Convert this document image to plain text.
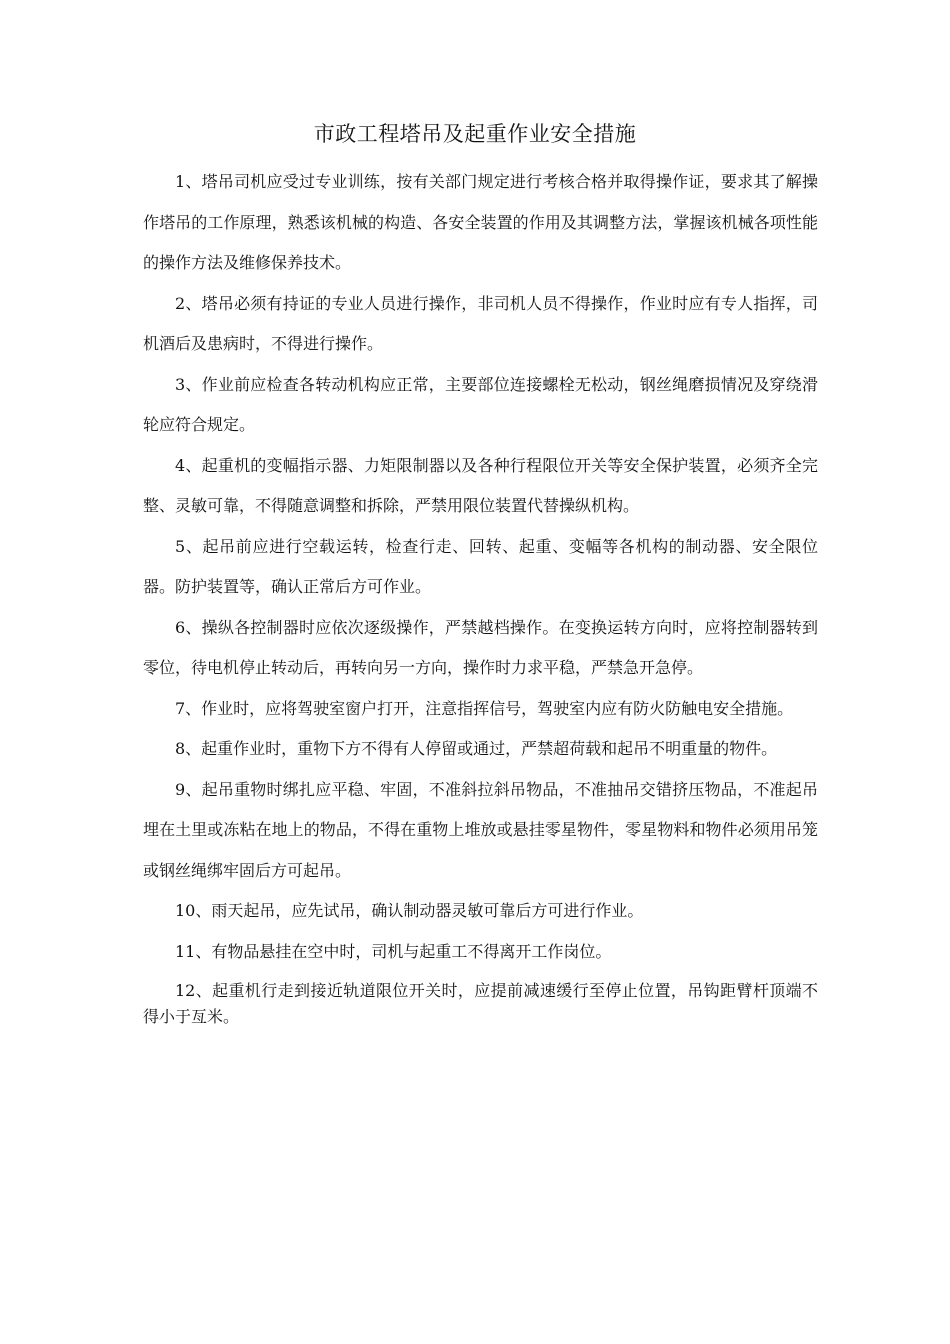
市政工程塔吊及起重作业安全措施

1、塔吊司机应受过专业训练，按有关部门规定进行考核合格并取得操作证，要求其了解操作塔吊的工作原理，熟悉该机械的构造、各安全装置的作用及其调整方法，掌握该机械各项性能的操作方法及维修保养技术。

2、塔吊必须有持证的专业人员进行操作，非司机人员不得操作，作业时应有专人指挥，司机酒后及患病时，不得进行操作。

3、作业前应检查各转动机构应正常，主要部位连接螺栓无松动，钢丝绳磨损情况及穿绕滑轮应符合规定。

4、起重机的变幅指示器、力矩限制器以及各种行程限位开关等安全保护装置，必须齐全完整、灵敏可靠，不得随意调整和拆除，严禁用限位装置代替操纵机构。

5、起吊前应进行空载运转，检查行走、回转、起重、变幅等各机构的制动器、安全限位器。防护装置等，确认正常后方可作业。

6、操纵各控制器时应依次逐级操作，严禁越档操作。在变换运转方向时，应将控制器转到零位，待电机停止转动后，再转向另一方向，操作时力求平稳，严禁急开急停。

7、作业时，应将驾驶室窗户打开，注意指挥信号，驾驶室内应有防火防触电安全措施。

8、起重作业时，重物下方不得有人停留或通过，严禁超荷载和起吊不明重量的物件。

9、起吊重物时绑扎应平稳、牢固，不准斜拉斜吊物品，不准抽吊交错挤压物品，不准起吊埋在土里或冻粘在地上的物品，不得在重物上堆放或悬挂零星物件，零星物料和物件必须用吊笼或钢丝绳绑牢固后方可起吊。

10、雨天起吊，应先试吊，确认制动器灵敏可靠后方可进行作业。

11、有物品悬挂在空中时，司机与起重工不得离开工作岗位。

12、起重机行走到接近轨道限位开关时，应提前减速缓行至停止位置，吊钩距臂杆顶端不得小于亙米。
